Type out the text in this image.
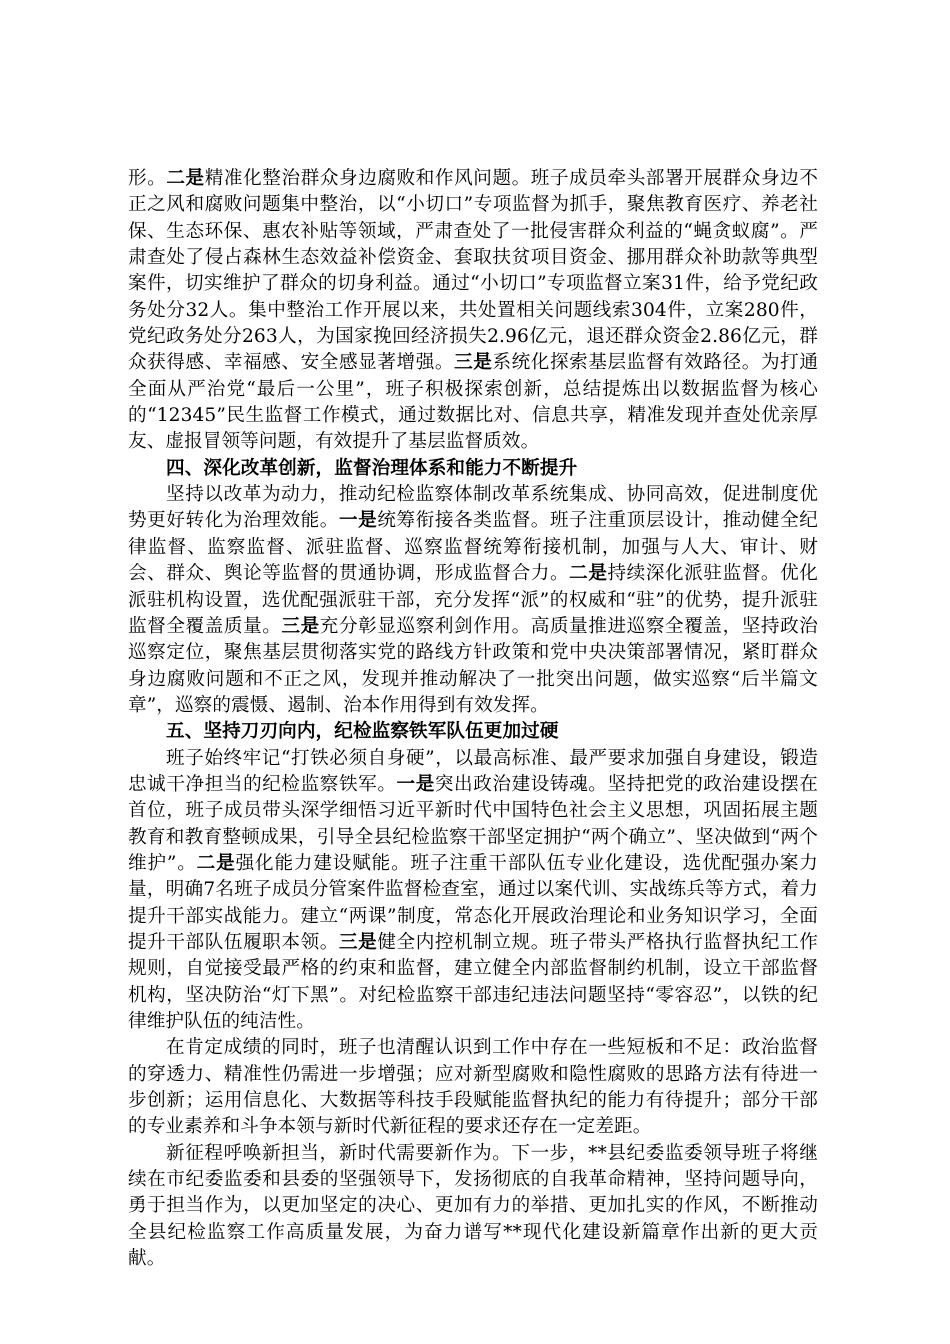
形。二是精准化整治群众身边腐败和作风问题。班子成员牵头部署开展群众身边不正之风和腐败问题集中整治，以“小切口”专项监督为抓手，聚焦教育医疗、养老社保、生态环保、惠农补贴等领域，严肃查处了一批侵害群众利益的“蝇贪蚁腐”。严肃查处了侵占森林生态效益补偿资金、套取扶贫项目资金、挪用群众补助款等典型案件，切实维护了群众的切身利益。通过“小切口”专项监督立案31件，给予党纪政务处分32人。集中整治工作开展以来，共处置相关问题线索304件，立案280件，党纪政务处分263人，为国家挽回经济损失2.96亿元，退还群众资金2.86亿元，群众获得感、幸福感、安全感显著增强。三是系统化探索基层监督有效路径。为打通全面从严治党“最后一公里”，班子积极探索创新，总结提炼出以数据监督为核心的“12345”民生监督工作模式，通过数据比对、信息共享，精准发现并查处优亲厚友、虚报冒领等问题，有效提升了基层监督质效。

四、深化改革创新，监督治理体系和能力不断提升

坚持以改革为动力，推动纪检监察体制改革系统集成、协同高效，促进制度优势更好转化为治理效能。一是统筹衔接各类监督。班子注重顶层设计，推动健全纪律监督、监察监督、派驻监督、巡察监督统筹衔接机制，加强与人大、审计、财会、群众、舆论等监督的贯通协调，形成监督合力。二是持续深化派驻监督。优化派驻机构设置，选优配强派驻干部，充分发挥“派”的权威和“驻”的优势，提升派驻监督全覆盖质量。三是充分彰显巡察利剑作用。高质量推进巡察全覆盖，坚持政治巡察定位，聚焦基层贯彻落实党的路线方针政策和党中央决策部署情况，紧盯群众身边腐败问题和不正之风，发现并推动解决了一批突出问题，做实巡察“后半篇文章”，巡察的震慑、遏制、治本作用得到有效发挥。

五、坚持刀刃向内，纪检监察铁军队伍更加过硬

班子始终牢记“打铁必须自身硬”，以最高标准、最严要求加强自身建设，锻造忠诚干净担当的纪检监察铁军。一是突出政治建设铸魂。坚持把党的政治建设摆在首位，班子成员带头深学细悟习近平新时代中国特色社会主义思想，巩固拓展主题教育和教育整顿成果，引导全县纪检监察干部坚定拥护“两个确立”、坚决做到“两个维护”。二是强化能力建设赋能。班子注重干部队伍专业化建设，选优配强办案力量，明确7名班子成员分管案件监督检查室，通过以案代训、实战练兵等方式，着力提升干部实战能力。建立“两课”制度，常态化开展政治理论和业务知识学习，全面提升干部队伍履职本领。三是健全内控机制立规。班子带头严格执行监督执纪工作规则，自觉接受最严格的约束和监督，建立健全内部监督制约机制，设立干部监督机构，坚决防治“灯下黑”。对纪检监察干部违纪违法问题坚持“零容忍”，以铁的纪律维护队伍的纯洁性。

在肯定成绩的同时，班子也清醒认识到工作中存在一些短板和不足：政治监督的穿透力、精准性仍需进一步增强；应对新型腐败和隐性腐败的思路方法有待进一步创新；运用信息化、大数据等科技手段赋能监督执纪的能力有待提升；部分干部的专业素养和斗争本领与新时代新征程的要求还存在一定差距。

新征程呼唤新担当，新时代需要新作为。下一步，**县纪委监委领导班子将继续在市纪委监委和县委的坚强领导下，发扬彻底的自我革命精神，坚持问题导向，勇于担当作为，以更加坚定的决心、更加有力的举措、更加扎实的作风，不断推动全县纪检监察工作高质量发展，为奋力谱写**现代化建设新篇章作出新的更大贡献。
